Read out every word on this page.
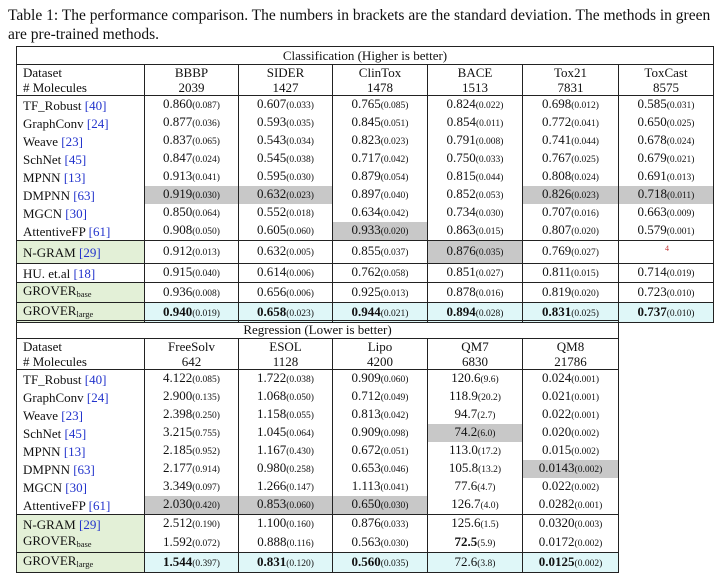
Table 1: The performance comparison. The numbers in brackets are the standard deviation. The methods in green are pre-trained methods.
Classification (Higher is better)						
Dataset	BBBP	SIDER	ClinTox	BACE	Tox21	ToxCast
# Molecules	2039	1427	1478	1513	7831	8575
TF_Robust [40]	0.860(0.087)	0.607(0.033)	0.765(0.085)	0.824(0.022)	0.698(0.012)	0.585(0.031)
GraphConv [24]	0.877(0.036)	0.593(0.035)	0.845(0.051)	0.854(0.011)	0.772(0.041)	0.650(0.025)
Weave [23]	0.837(0.065)	0.543(0.034)	0.823(0.023)	0.791(0.008)	0.741(0.044)	0.678(0.024)
SchNet [45]	0.847(0.024)	0.545(0.038)	0.717(0.042)	0.750(0.033)	0.767(0.025)	0.679(0.021)
MPNN [13]	0.913(0.041)	0.595(0.030)	0.879(0.054)	0.815(0.044)	0.808(0.024)	0.691(0.013)
DMPNN [63]	0.919(0.030)	0.632(0.023)	0.897(0.040)	0.852(0.053)	0.826(0.023)	0.718(0.011)
MGCN [30]	0.850(0.064)	0.552(0.018)	0.634(0.042)	0.734(0.030)	0.707(0.016)	0.663(0.009)
AttentiveFP [61]	0.908(0.050)	0.605(0.060)	0.933(0.020)	0.863(0.015)	0.807(0.020)	0.579(0.001)
N-GRAM [29]	0.912(0.013)	0.632(0.005)	0.855(0.037)	0.876(0.035)	0.769(0.027)	$^4$
HU. et.al [18]	0.915(0.040)	0.614(0.006)	0.762(0.058)	0.851(0.027)	0.811(0.015)	0.714(0.019)
GROVERbase	0.936(0.008)	0.656(0.006)	0.925(0.013)	0.878(0.016)	0.819(0.020)	0.723(0.010)
GROVERlarge	0.940(0.019)	0.658(0.023)	0.944(0.021)	0.894(0.028)	0.831(0.025)	0.737(0.010)
Regression (Lower is better)					
Dataset	FreeSolv	ESOL	Lipo	QM7	QM8
# Molecules	642	1128	4200	6830	21786
TF_Robust [40]	4.122(0.085)	1.722(0.038)	0.909(0.060)	120.6(9.6)	0.024(0.001)
GraphConv [24]	2.900(0.135)	1.068(0.050)	0.712(0.049)	118.9(20.2)	0.021(0.001)
Weave [23]	2.398(0.250)	1.158(0.055)	0.813(0.042)	94.7(2.7)	0.022(0.001)
SchNet [45]	3.215(0.755)	1.045(0.064)	0.909(0.098)	74.2(6.0)	0.020(0.002)
MPNN [13]	2.185(0.952)	1.167(0.430)	0.672(0.051)	113.0(17.2)	0.015(0.002)
DMPNN [63]	2.177(0.914)	0.980(0.258)	0.653(0.046)	105.8(13.2)	0.0143(0.002)
MGCN [30]	3.349(0.097)	1.266(0.147)	1.113(0.041)	77.6(4.7)	0.022(0.002)
AttentiveFP [61]	2.030(0.420)	0.853(0.060)	0.650(0.030)	126.7(4.0)	0.0282(0.001)
N-GRAM [29]	2.512(0.190)	1.100(0.160)	0.876(0.033)	125.6(1.5)	0.0320(0.003)
GROVERbase	1.592(0.072)	0.888(0.116)	0.563(0.030)	72.5(5.9)	0.0172(0.002)
GROVERlarge	1.544(0.397)	0.831(0.120)	0.560(0.035)	72.6(3.8)	0.0125(0.002)
